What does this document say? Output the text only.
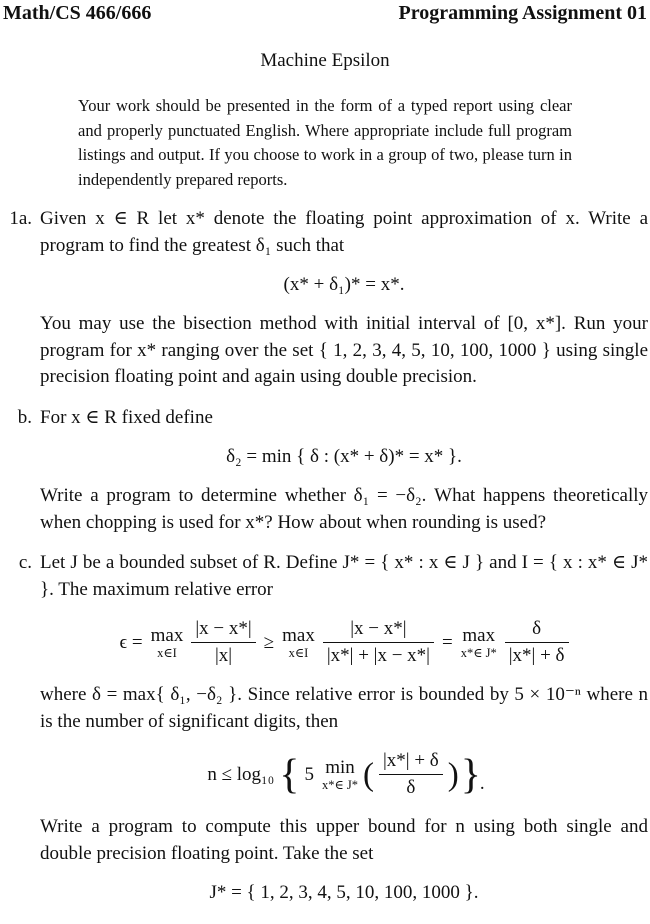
Math/CS 466/666	Programming Assignment 01
Machine Epsilon

Your work should be presented in the form of a typed report using clear and properly punctuated English. Where appropriate include full program listings and output. If you choose to work in a group of two, please turn in independently prepared reports.

1a. Given x ∈ R let x* denote the floating point approximation of x. Write a program to find the greatest δ₁ such that

(x* + δ₁)* = x*.

You may use the bisection method with initial interval of [0, x*]. Run your program for x* ranging over the set { 1, 2, 3, 4, 5, 10, 100, 1000 } using single precision floating point and again using double precision.

b. For x ∈ R fixed define

δ₂ = min { δ : (x* + δ)* = x* }.

Write a program to determine whether δ₁ = −δ₂. What happens theoretically when chopping is used for x*? How about when rounding is used?

c. Let J be a bounded subset of R. Define J* = { x* : x ∈ J } and I = { x : x* ∈ J* }. The maximum relative error

ϵ = max
x∈I $\frac{|x - x*|}{|x|} \ge \max$
x∈I $\frac{|x - x*|}{|x*| + |x - x*|} = \max$
x*∈ $J* \frac{\delta}{|x*| + \delta}$

where δ = max{ δ₁, −δ₂ }. Since relative error is bounded by 5 × 10⁻ⁿ where n is the number of significant digits, then

n ≤ log₁₀ { 5 min
x*∈ J* ( $\frac{|x*| + \delta}{\delta}$ ) } .

Write a program to compute this upper bound for n using both single and double precision floating point. Take the set

J* = { 1, 2, 3, 4, 5, 10, 100, 1000 }.
